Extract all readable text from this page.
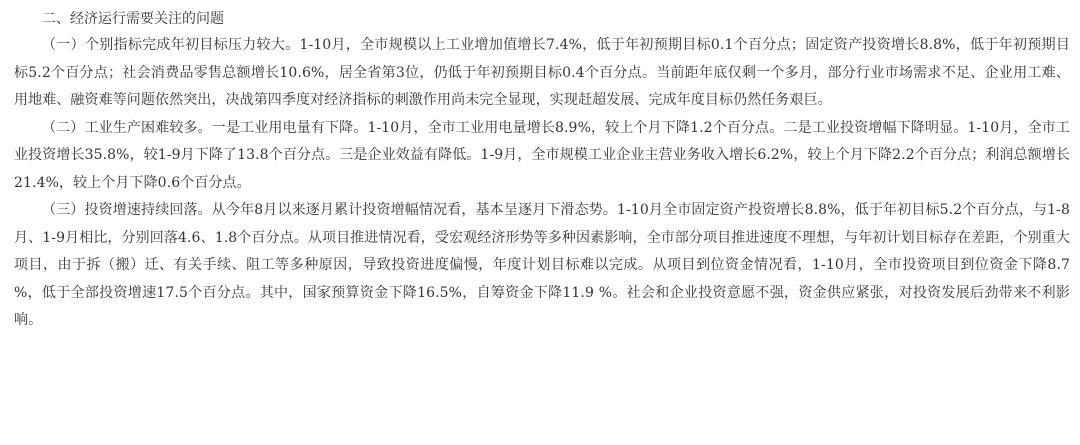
二、经济运行需要关注的问题

（一）个别指标完成年初目标压力较大。1-10月，全市规模以上工业增加值增长7.4%，低于年初预期目标0.1个百分点；固定资产投资增长8.8%，低于年初预期目标5.2个百分点；社会消费品零售总额增长10.6%，居全省第3位，仍低于年初预期目标0.4个百分点。当前距年底仅剩一个多月，部分行业市场需求不足、企业用工难、用地难、融资难等问题依然突出，决战第四季度对经济指标的刺激作用尚未完全显现，实现赶超发展、完成年度目标仍然任务艰巨。

（二）工业生产困难较多。一是工业用电量有下降。1-10月，全市工业用电量增长8.9%，较上个月下降1.2个百分点。二是工业投资增幅下降明显。1-10月，全市工业投资增长35.8%，较1-9月下降了13.8个百分点。三是企业效益有降低。1-9月，全市规模工业企业主营业务收入增长6.2%，较上个月下降2.2个百分点；利润总额增长21.4%，较上个月下降0.6个百分点。

（三）投资增速持续回落。从今年8月以来逐月累计投资增幅情况看，基本呈逐月下滑态势。1-10月全市固定资产投资增长8.8%，低于年初目标5.2个百分点，与1-8月、1-9月相比，分别回落4.6、1.8个百分点。从项目推进情况看，受宏观经济形势等多种因素影响，全市部分项目推进速度不理想，与年初计划目标存在差距，个别重大项目，由于拆（搬）迁、有关手续、阻工等多种原因，导致投资进度偏慢，年度计划目标难以完成。从项目到位资金情况看，1-10月，全市投资项目到位资金下降8.7 %，低于全部投资增速17.5个百分点。其中，国家预算资金下降16.5%，自筹资金下降11.9 %。社会和企业投资意愿不强，资金供应紧张，对投资发展后劲带来不利影响。
